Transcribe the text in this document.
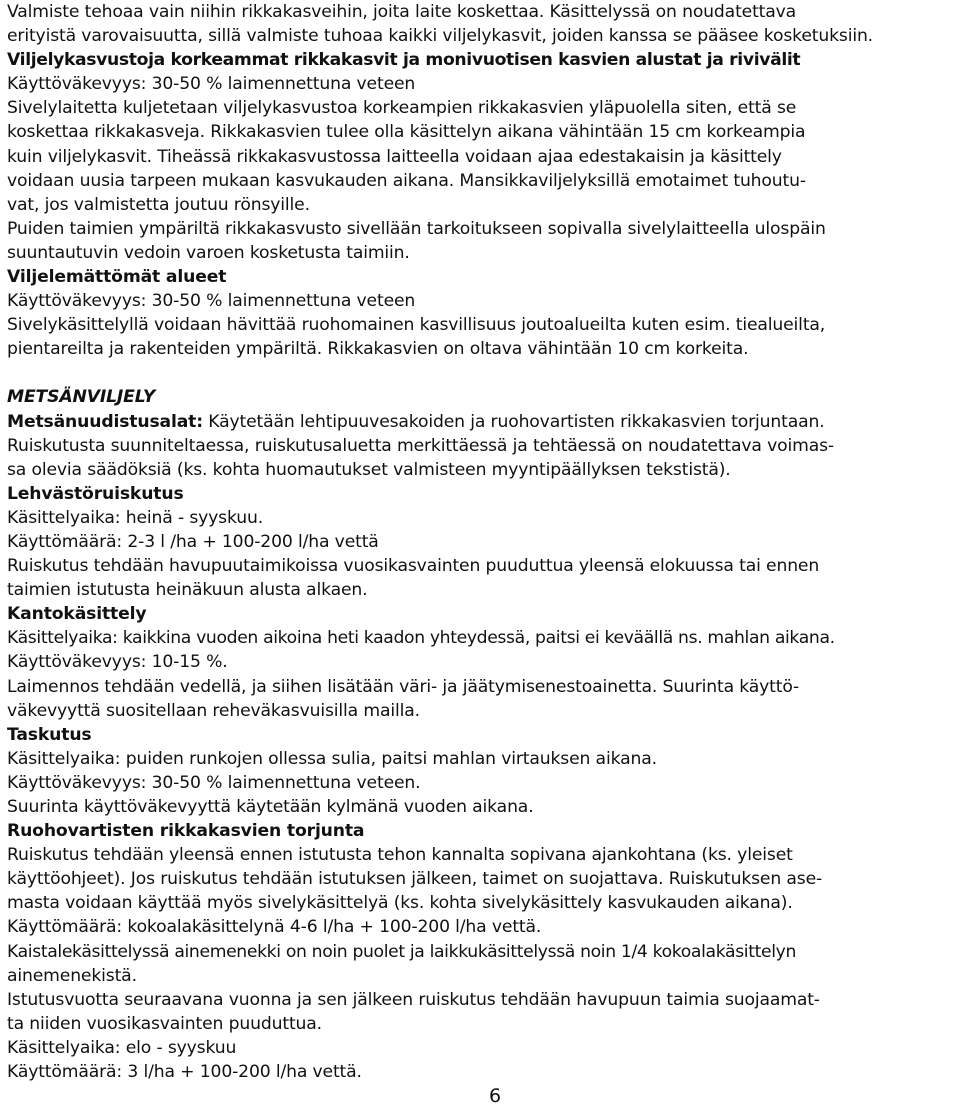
Valmiste tehoaa vain niihin rikkakasveihin, joita laite koskettaa. Käsittelyssä on noudatettava
erityistä varovaisuutta, sillä valmiste tuhoaa kaikki viljelykasvit, joiden kanssa se pääsee kosketuksiin.
Viljelykasvustoja korkeammat rikkakasvit ja monivuotisen kasvien alustat ja rivivälit
Käyttöväkevyys: 30-50 % laimennettuna veteen
Sivelylaitetta kuljetetaan viljelykasvustoa korkeampien rikkakasvien yläpuolella siten, että se
koskettaa rikkakasveja. Rikkakasvien tulee olla käsittelyn aikana vähintään 15 cm korkeampia
kuin viljelykasvit. Tiheässä rikkakasvustossa laitteella voidaan ajaa edestakaisin ja käsittely
voidaan uusia tarpeen mukaan kasvukauden aikana. Mansikkaviljelyksillä emotaimet tuhoutu-
vat, jos valmistetta joutuu rönsyille.
Puiden taimien ympäriltä rikkakasvusto sivellään tarkoitukseen sopivalla sivelylaitteella ulospäin
suuntautuvin vedoin varoen kosketusta taimiin.
Viljelemättömät alueet
Käyttöväkevyys: 30-50 % laimennettuna veteen
Sivelykäsittelyllä voidaan hävittää ruohomainen kasvillisuus joutoalueilta kuten esim. tiealueilta,
pientareilta ja rakenteiden ympäriltä. Rikkakasvien on oltava vähintään 10 cm korkeita.
METSÄNVILJELY
Metsänuudistusalat: Käytetään lehtipuuvesakoiden ja ruohovartisten rikkakasvien torjuntaan.
Ruiskutusta suunniteltaessa, ruiskutusaluetta merkittäessä ja tehtäessä on noudatettava voimas-
sa olevia säädöksiä (ks. kohta huomautukset valmisteen myyntipäällyksen tekstistä).
Lehvästöruiskutus
Käsittelyaika: heinä - syyskuu.
Käyttömäärä: 2-3 l /ha + 100-200 l/ha vettä
Ruiskutus tehdään havupuutaimikoissa vuosikasvainten puuduttua yleensä elokuussa tai ennen
taimien istutusta heinäkuun alusta alkaen.
Kantokäsittely
Käsittelyaika: kaikkina vuoden aikoina heti kaadon yhteydessä, paitsi ei keväällä ns. mahlan aikana.
Käyttöväkevyys: 10-15 %.
Laimennos tehdään vedellä, ja siihen lisätään väri- ja jäätymisenestoainetta. Suurinta käyttö-
väkevyyttä suositellaan reheväkasvuisilla mailla.
Taskutus
Käsittelyaika: puiden runkojen ollessa sulia, paitsi mahlan virtauksen aikana.
Käyttöväkevyys: 30-50 % laimennettuna veteen.
Suurinta käyttöväkevyyttä käytetään kylmänä vuoden aikana.
Ruohovartisten rikkakasvien torjunta
Ruiskutus tehdään yleensä ennen istutusta tehon kannalta sopivana ajankohtana (ks. yleiset
käyttöohjeet). Jos ruiskutus tehdään istutuksen jälkeen, taimet on suojattava. Ruiskutuksen ase-
masta voidaan käyttää myös sivelykäsittelyä (ks. kohta sivelykäsittely kasvukauden aikana).
Käyttömäärä: kokoalakäsittelynä 4-6 l/ha + 100-200 l/ha vettä.
Kaistalekäsittelyssä ainemenekki on noin puolet ja laikkukäsittelyssä noin 1/4 kokoalakäsittelyn
ainemenekistä.
Istutusvuotta seuraavana vuonna ja sen jälkeen ruiskutus tehdään havupuun taimia suojaamat-
ta niiden vuosikasvainten puuduttua.
Käsittelyaika: elo - syyskuu
Käyttömäärä: 3 l/ha + 100-200 l/ha vettä.
6
